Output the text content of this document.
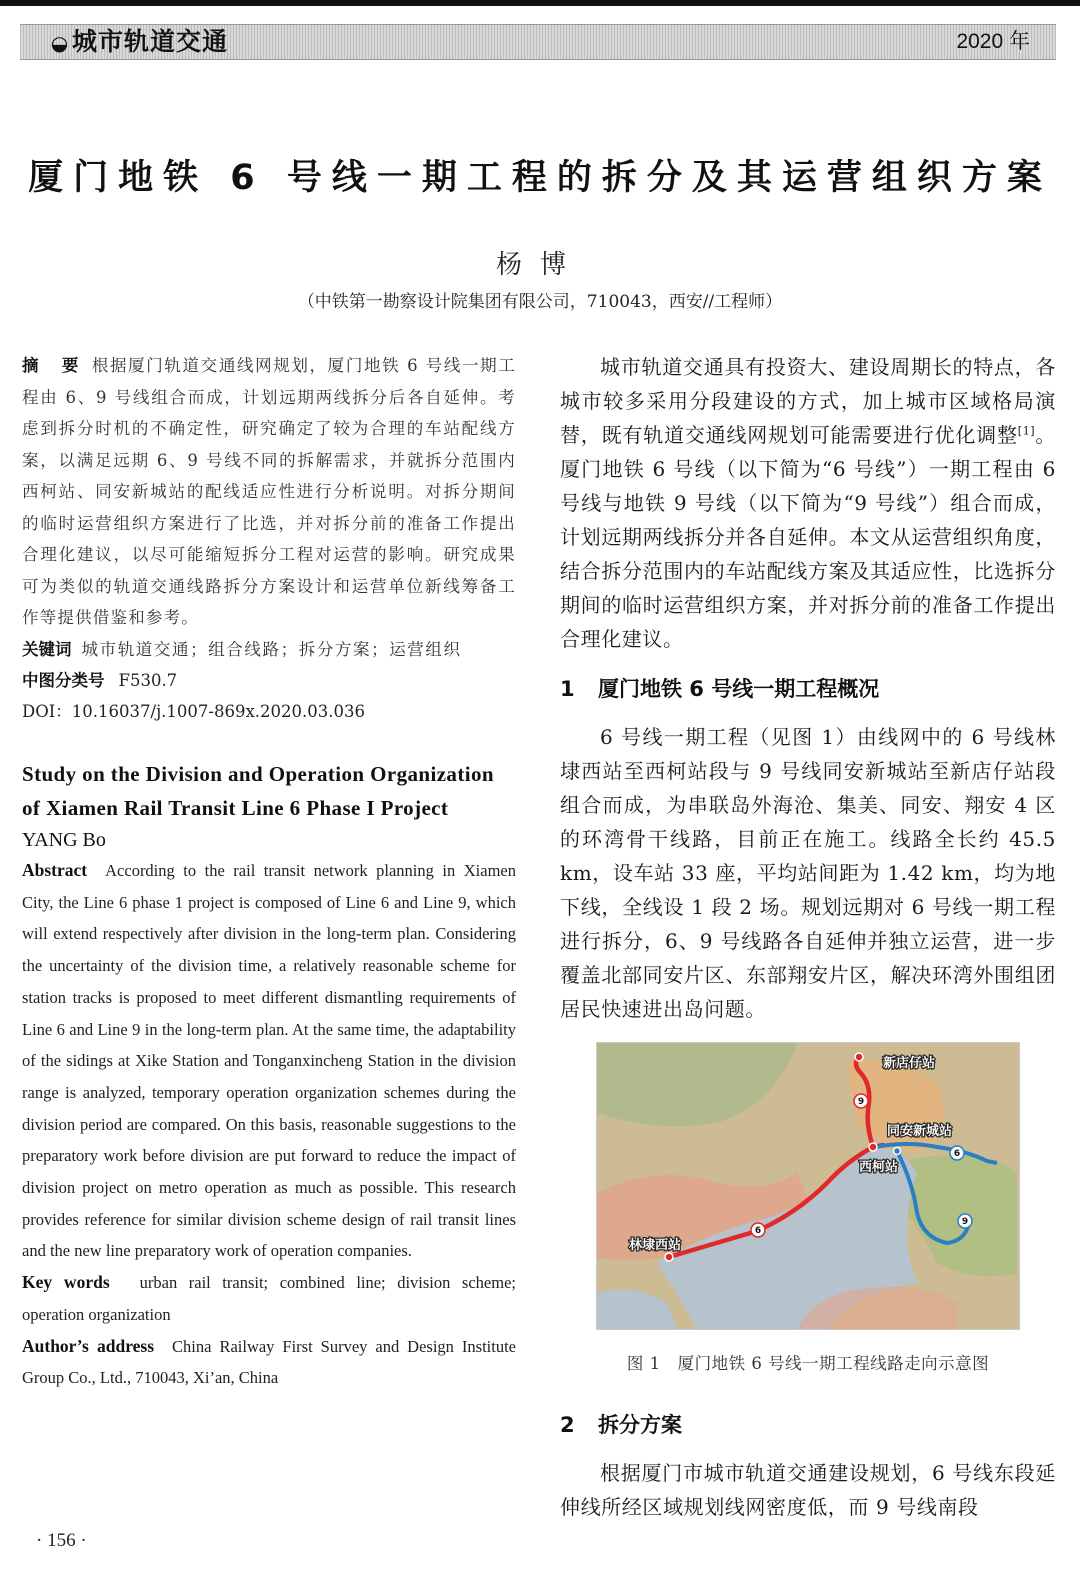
◒ 城市轨道交通	2020 年
厦门地铁 6 号线一期工程的拆分及其运营组织方案
杨博
（中铁第一勘察设计院集团有限公司，710043，西安//工程师）
摘　要 根据厦门轨道交通线网规划，厦门地铁 6 号线一期工程由 6、9 号线组合而成，计划远期两线拆分后各自延伸。考虑到拆分时机的不确定性，研究确定了较为合理的车站配线方案，以满足远期 6、9 号线不同的拆解需求，并就拆分范围内西柯站、同安新城站的配线适应性进行分析说明。对拆分期间的临时运营组织方案进行了比选，并对拆分前的准备工作提出合理化建议，以尽可能缩短拆分工程对运营的影响。研究成果可为类似的轨道交通线路拆分方案设计和运营单位新线筹备工作等提供借鉴和参考。
关键词 城市轨道交通；组合线路；拆分方案；运营组织
中图分类号 F530.7
DOI：10.16037/j.1007-869x.2020.03.036
Study on the Division and Operation Organization of Xiamen Rail Transit Line 6 Phase I Project
YANG Bo
Abstract According to the rail transit network planning in Xiamen City, the Line 6 phase 1 project is composed of Line 6 and Line 9, which will extend respectively after division in the long-term plan. Considering the uncertainty of the division time, a relatively reasonable scheme for station tracks is proposed to meet different dismantling requirements of Line 6 and Line 9 in the long-term plan. At the same time, the adaptability of the sidings at Xike Station and Tonganxincheng Station in the division range is analyzed, temporary operation organization schemes during the division period are compared. On this basis, reasonable suggestions to the preparatory work before division are put forward to reduce the impact of division project on metro operation as much as possible. This research provides reference for similar division scheme design of rail transit lines and the new line preparatory work of operation companies.
Key words urban rail transit; combined line; division scheme; operation organization
Author’s address China Railway First Survey and Design Institute Group Co., Ltd., 710043, Xi’an, China
· 156 ·

城市轨道交通具有投资大、建设周期长的特点，各城市较多采用分段建设的方式，加上城市区域格局演替，既有轨道交通线网规划可能需要进行优化调整[1]。厦门地铁 6 号线（以下简为“6 号线”）一期工程由 6 号线与地铁 9 号线（以下简为“9 号线”）组合而成，计划远期两线拆分并各自延伸。本文从运营组织角度，结合拆分范围内的车站配线方案及其适应性，比选拆分期间的临时运营组织方案，并对拆分前的准备工作提出合理化建议。

1 厦门地铁 6 号线一期工程概况

6 号线一期工程（见图 1）由线网中的 6 号线林埭西站至西柯站段与 9 号线同安新城站至新店仔站段组合而成，为串联岛外海沧、集美、同安、翔安 4 区的环湾骨干线路，目前正在施工。线路全长约 45.5 km，设车站 33 座，平均站间距为 1.42 km，均为地下线，全线设 1 段 2 场。规划远期对 6 号线一期工程进行拆分，6、9 号线路各自延伸并独立运营，进一步覆盖北部同安片区、东部翔安片区，解决环湾外围组团居民快速进出岛问题。

新店仔站
同安新城站
西柯站
林埭西站
9
6
6
9
图 1　厦门地铁 6 号线一期工程线路走向示意图
2 拆分方案

根据厦门市城市轨道交通建设规划，6 号线东段延伸线所经区域规划线网密度低，而 9 号线南段
